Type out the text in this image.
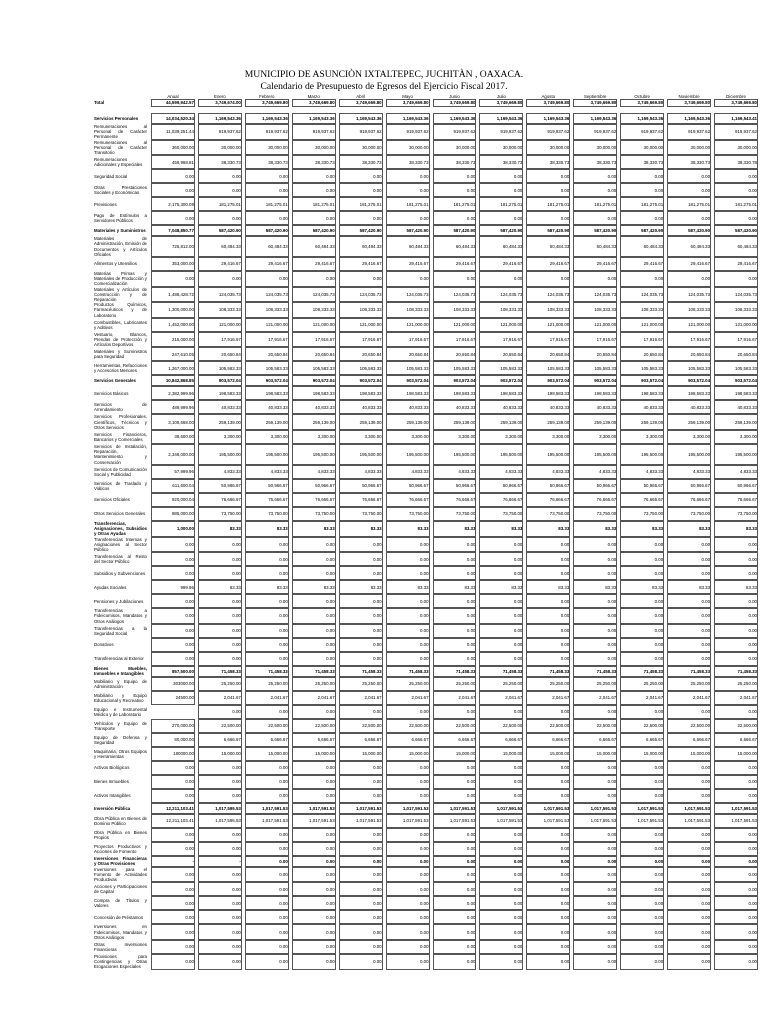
MUNICIPIO DE ASUNCIÒN IXTALTEPEC, JUCHITÀN , OAXACA.
Calendario de Presupuesto de Egresos del Ejercicio Fiscal 2017.
	Anual	Enero	Febrero	Marzo	Abril	Mayo	Junio	Julio	Agosto	Septiembre	Octubre	Noviembre	Diciembre
Total	44,599,942.57	3,749,674.00	3,749,669.80	3,749,669.80	3,749,669.80	3,749,669.80	3,749,669.80	3,749,669.80	3,749,669.80	3,749,669.80	3,749,669.80	3,749,669.80	3,749,669.80

Servicios Personales	14,034,520.34	1,169,543.36	1,169,543.36	1,169,543.36	1,169,543.36	1,169,543.36	1,169,543.36	1,169,543.36	1,169,543.36	1,169,543.36	1,169,543.36	1,169,543.36	1,169,543.41
Remuneraciones al Personal de Carácter Permanente	11,039,251.44	919,937.62	919,937.62	919,937.62	919,937.62	919,937.62	919,937.62	919,937.62	919,937.62	919,937.62	919,937.62	919,937.62	919,937.62
Remuneraciones al Personal de Carácter Transitorio	360,000.00	30,000.00	30,000.00	30,000.00	30,000.00	30,000.00	30,000.00	30,000.00	30,000.00	30,000.00	30,000.00	30,000.00	30,000.00
Remuneraciones Adicionales y Especiales	459,968.81	38,330.73	38,330.73	38,330.73	38,330.73	38,330.73	38,330.73	38,330.73	38,330.73	38,330.73	38,330.73	38,330.73	38,330.78
Seguridad Social	0.00	0.00	0.00	0.00	0.00	0.00	0.00	0.00	0.00	0.00	0.00	0.00	0.00
Otras Prestaciones Sociales y Económicas	0.00	0.00	0.00	0.00	0.00	0.00	0.00	0.00	0.00	0.00	0.00	0.00	0.00
Previsiones	2,175,300.09	181,275.01	181,275.01	181,275.01	181,275.01	181,275.01	181,275.01	181,275.01	181,275.01	181,275.01	181,275.01	181,275.01	181,275.01
Pago de Estímulos a Servidores Públicos	0.00	0.00	0.00	0.00	0.00	0.00	0.00	0.00	0.00	0.00	0.00	0.00	0.00
Materiales y Suministros	7,048,850.77	587,420.90	587,420.90	587,420.90	587,420.90	587,420.90	587,420.90	587,420.90	587,420.90	587,420.90	587,420.90	587,420.90	587,420.90
Materiales de Administración, Emisión de Documentos y Artículos Oficiales	725,812.00	60,484.33	60,484.33	60,484.33	60,484.33	60,484.33	60,484.33	60,484.33	60,484.33	60,484.33	60,484.33	60,484.33	60,484.33
Alimentos y Utensilios	353,000.00	29,416.67	29,416.67	29,416.67	29,416.67	29,416.67	29,416.67	29,416.67	29,416.67	29,416.67	29,416.67	29,416.67	29,416.67
Materias Primas y Materiales de Producción y Comercialización	0.00	0.00	0.00	0.00	0.00	0.00	0.00	0.00	0.00	0.00	0.00	0.00	0.00
Materiales y Artículos de Construcción y de Reparación	1,488,428.72	124,035.73	124,035.73	124,035.73	124,035.73	124,035.73	124,035.73	124,035.73	124,035.73	124,035.73	124,035.73	124,035.73	124,035.73
Productos Químicos, Farmacéuticos y de Laboratorio	1,300,000.00	108,333.33	108,333.33	108,333.33	108,333.33	108,333.33	108,333.33	108,333.33	108,333.33	108,333.33	108,333.33	108,333.33	108,333.33
Combustibles, Lubricantes y Aditivos	1,452,000.00	121,000.00	121,000.00	121,000.00	121,000.00	121,000.00	121,000.00	121,000.00	121,000.00	121,000.00	121,000.00	121,000.00	121,000.00
Vestuario, Blancos, Prendas de Protección y Artículos Deportivos	215,000.00	17,916.67	17,916.67	17,916.67	17,916.67	17,916.67	17,916.67	17,916.67	17,916.67	17,916.67	17,916.67	17,916.67	17,916.67
Materiales y Suministros para Seguridad	247,610.05	20,650.84	20,650.84	20,650.84	20,650.84	20,650.84	20,650.84	20,650.84	20,650.84	20,650.84	20,650.84	20,650.84	20,650.84
Herramientas, Refacciones y Accesorios Menores	1,267,000.00	105,583.33	105,583.33	105,583.33	105,583.33	105,583.33	105,583.33	105,583.33	105,583.33	105,583.33	105,583.33	105,583.33	105,583.33
Servicios Generales	10,842,868.85	903,572.04	903,572.04	903,572.04	903,572.04	903,572.04	903,572.04	903,572.04	903,572.04	903,572.04	903,572.04	903,572.04	903,572.04
Servicios Básicos	2,382,999.96	198,583.33	198,583.33	198,583.33	198,583.33	198,583.33	198,583.33	198,583.33	198,583.33	198,583.33	198,583.33	198,583.33	198,583.33
Servicios de Arrendamiento	489,999.96	40,833.33	40,833.33	40,833.33	40,833.33	40,833.33	40,833.33	40,833.33	40,833.33	40,833.33	40,833.33	40,833.33	40,833.33
Servicios Profesionales, Científicos, Técnicos y Otros Servicios	3,109,668.00	259,139.00	259,139.00	259,139.00	259,139.00	259,139.00	259,139.00	259,139.00	259,139.00	259,139.00	259,139.00	259,139.00	259,139.00
Servicios Financieros, Bancarios y Comerciales	39,600.00	3,300.00	3,300.00	3,300.00	3,300.00	3,300.00	3,300.00	3,300.00	3,300.00	3,300.00	3,300.00	3,300.00	3,300.00
Servicios de Instalación, Reparación, Mantenimiento y Conservación	2,346,000.00	195,500.00	195,500.00	195,500.00	195,500.00	195,500.00	195,500.00	195,500.00	195,500.00	195,500.00	195,500.00	195,500.00	195,500.00
Servicios de Comunicación Social y Publicidad	57,999.96	4,833.33	4,833.33	4,833.33	4,833.33	4,833.33	4,833.33	4,833.33	4,833.33	4,833.33	4,833.33	4,833.33	4,833.33
Servicios de Traslado y Viáticos	611,600.04	50,966.67	50,966.67	50,966.67	50,966.67	50,966.67	50,966.67	50,966.67	50,966.67	50,966.67	50,966.67	50,966.67	50,966.67
Servicios Oficiales	920,000.04	76,666.67	76,666.67	76,666.67	76,666.67	76,666.67	76,666.67	76,666.67	76,666.67	76,666.67	76,666.67	76,666.67	76,666.67
Otros Servicios Generales	885,000.00	73,750.00	73,750.00	73,750.00	73,750.00	73,750.00	73,750.00	73,750.00	73,750.00	73,750.00	73,750.00	73,750.00	73,750.00
Transferencias, Asignaciones, Subsidios y Otras Ayudas	1,000.00	83.33	83.33	83.33	83.33	83.33	83.33	83.33	83.33	83.33	83.33	83.33	83.33
Transferencias Internas y Asignaciones al Sector Público	0.00	0.00	0.00	0.00	0.00	0.00	0.00	0.00	0.00	0.00	0.00	0.00	0.00
Transferencias al Resto del Sector Público	0.00	0.00	0.00	0.00	0.00	0.00	0.00	0.00	0.00	0.00	0.00	0.00	0.00
Subsidios y Subvenciones	0.00	0.00	0.00	0.00	0.00	0.00	0.00	0.00	0.00	0.00	0.00	0.00	0.00
Ayudas Sociales	999.96	83.33	83.33	83.33	83.33	83.33	83.33	83.33	83.33	83.33	83.33	83.33	83.33
Pensiones y Jubilaciones	0.00	0.00	0.00	0.00	0.00	0.00	0.00	0.00	0.00	0.00	0.00	0.00	0.00
Transferencias a Fideicomisos, Mandatos y Otros Análogos	0.00	0.00	0.00	0.00	0.00	0.00	0.00	0.00	0.00	0.00	0.00	0.00	0.00
Transferencias a la Seguridad Social	0.00	0.00	0.00	0.00	0.00	0.00	0.00	0.00	0.00	0.00	0.00	0.00	0.00
Donativos	0.00	0.00	0.00	0.00	0.00	0.00	0.00	0.00	0.00	0.00	0.00	0.00	0.00
Transferencias al Exterior	0.00	0.00	0.00	0.00	0.00	0.00	0.00	0.00	0.00	0.00	0.00	0.00	0.00
Bienes Muebles, Inmuebles e Intangibles	857,500.00	71,458.33	71,458.33	71,458.33	71,458.33	71,458.33	71,458.33	71,458.33	71,458.33	71,458.33	71,458.33	71,458.33	71,458.33
Mobiliario y Equipo de Administración	303000.00	25,250.00	25,250.00	25,250.00	25,250.00	25,250.00	25,250.00	25,250.00	25,250.00	25,250.00	25,250.00	25,250.00	25,250.00
Mobiliario y Equipo Educacional y Recreativo	24500.00	2,041.67	2,041.67	2,041.67	2,041.67	2,041.67	2,041.67	2,041.67	2,041.67	2,041.67	2,041.67	2,041.67	2,041.67
Equipo e Instrumental Médico y de Laboratorio		0.00	0.00	0.00	0.00	0.00	0.00	0.00	0.00	0.00	0.00	0.00	0.00
Vehículos y Equipo de Transporte	270,000.00	22,500.00	22,500.00	22,500.00	22,500.00	22,500.00	22,500.00	22,500.00	22,500.00	22,500.00	22,500.00	22,500.00	22,500.00
Equipo de Defensa y Seguridad	80,000.00	6,666.67	6,666.67	6,666.67	6,666.67	6,666.67	6,666.67	6,666.67	6,666.67	6,666.67	6,666.67	6,666.67	6,666.67
Maquinaria, Otros Equipos y Herramientas	180000.00	15,000.00	15,000.00	15,000.00	15,000.00	15,000.00	15,000.00	15,000.00	15,000.00	15,000.00	15,000.00	15,000.00	15,000.00
Activos Biológicos	0.00	0.00	0.00	0.00	0.00	0.00	0.00	0.00	0.00	0.00	0.00	0.00	0.00
Bienes Inmuebles	0.00	0.00	0.00	0.00	0.00	0.00	0.00	0.00	0.00	0.00	0.00	0.00	0.00
Activos Intangibles	0.00	0.00	0.00	0.00	0.00	0.00	0.00	0.00	0.00	0.00	0.00	0.00	0.00
Inversión Pública	12,211,103.41	1,017,595.53	1,017,591.53	1,017,591.53	1,017,591.53	1,017,591.53	1,017,591.53	1,017,591.53	1,017,591.53	1,017,591.53	1,017,591.53	1,017,591.53	1,017,591.53
Obra Pública en Bienes de Dominio Público	12,211,103.41	1,017,595.53	1,017,591.53	1,017,591.53	1,017,591.53	1,017,591.53	1,017,591.53	1,017,591.53	1,017,591.53	1,017,591.53	1,017,591.53	1,017,591.53	1,017,591.53
Obra Pública en Bienes Propios	0.00	0.00	0.00	0.00	0.00	0.00	0.00	0.00	0.00	0.00	0.00	0.00	0.00
Proyectos Productivos y Acciones de Fomento	0.00	0.00	0.00	0.00	0.00	0.00	0.00	0.00	0.00	0.00	0.00	0.00	0.00
Inversiones Financieras y Otras Provisiones	-	-	0.00	0.00	0.00	0.00	0.00	0.00	0.00	0.00	0.00	0.00	0.00
Inversiones para el Fomento de Actividades Productivas	0.00	0.00	0.00	0.00	0.00	0.00	0.00	0.00	0.00	0.00	0.00	0.00	0.00
Acciones y Participaciones de Capital	0.00	0.00	0.00	0.00	0.00	0.00	0.00	0.00	0.00	0.00	0.00	0.00	0.00
Compra de Títulos y Valores	0.00	0.00	0.00	0.00	0.00	0.00	0.00	0.00	0.00	0.00	0.00	0.00	0.00
Concesión de Préstamos	0.00	0.00	0.00	0.00	0.00	0.00	0.00	0.00	0.00	0.00	0.00	0.00	0.00
Inversiones en Fideicomisos, Mandatos y Otros Análogos	0.00	0.00	0.00	0.00	0.00	0.00	0.00	0.00	0.00	0.00	0.00	0.00	0.00
Otras Inversiones Financieras	0.00	0.00	0.00	0.00	0.00	0.00	0.00	0.00	0.00	0.00	0.00	0.00	0.00
Provisiones para Contingencias y Otras Erogaciones Especiales	0.00	0.00	0.00	0.00	0.00	0.00	0.00	0.00	0.00	0.00	0.00	0.00	0.00
